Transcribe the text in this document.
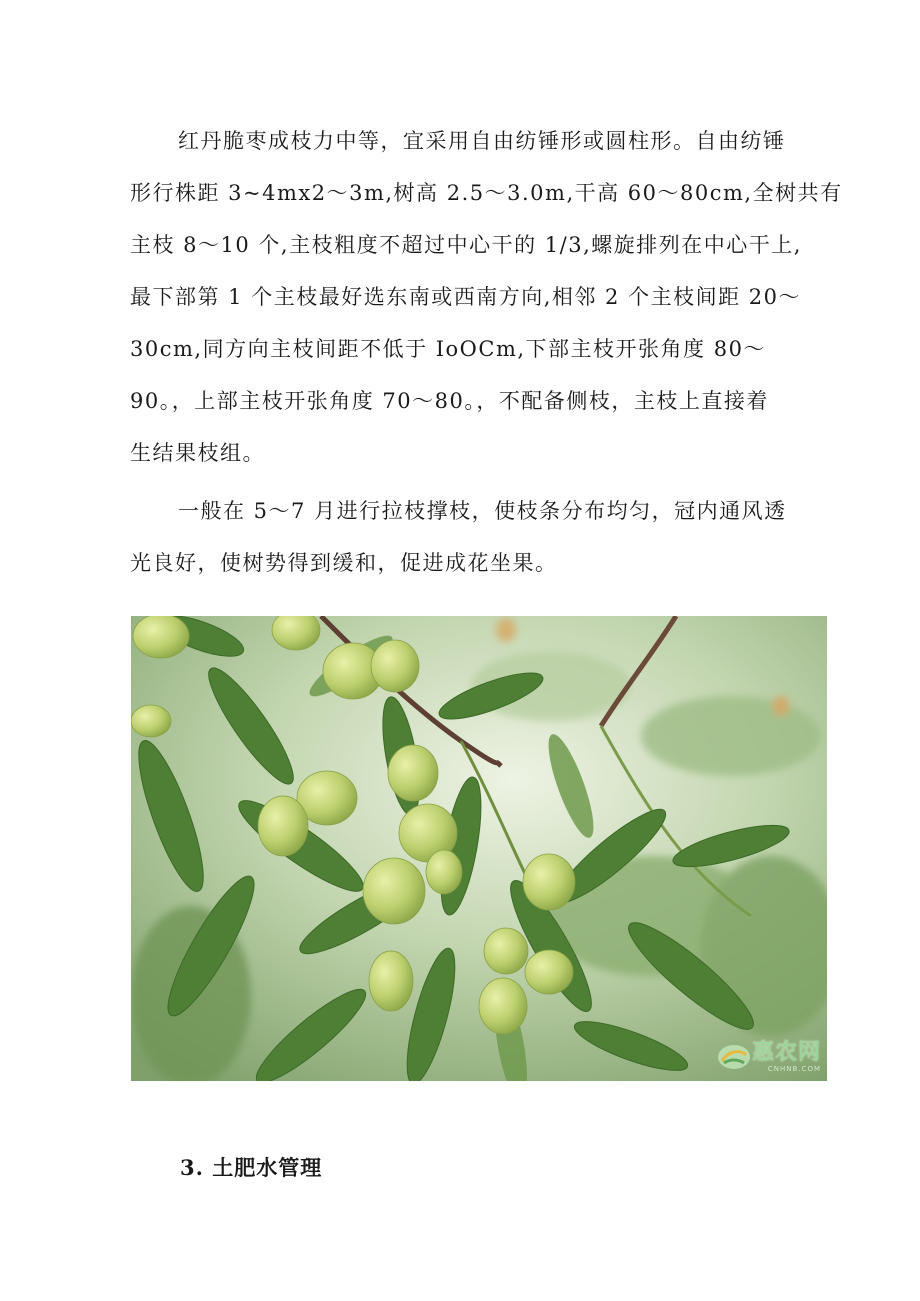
红丹脆枣成枝力中等，宜采用自由纺锤形或圆柱形。自由纺锤
形行株距 3~4mx2～3m,树高 2.5～3.0m,干高 60～80cm,全树共有
主枝 8～10 个,主枝粗度不超过中心干的 1/3,螺旋排列在中心干上,
最下部第 1 个主枝最好选东南或西南方向,相邻 2 个主枝间距 20～
30cm,同方向主枝间距不低于 IoOCm,下部主枝开张角度 80～
90。，上部主枝开张角度 70～80。，不配备侧枝，主枝上直接着
生结果枝组。
一般在 5～7 月进行拉枝撑枝，使枝条分布均匀，冠内通风透
光良好，使树势得到缓和，促进成花坐果。
惠农网
CNHNB.COM
3. 土肥水管理
